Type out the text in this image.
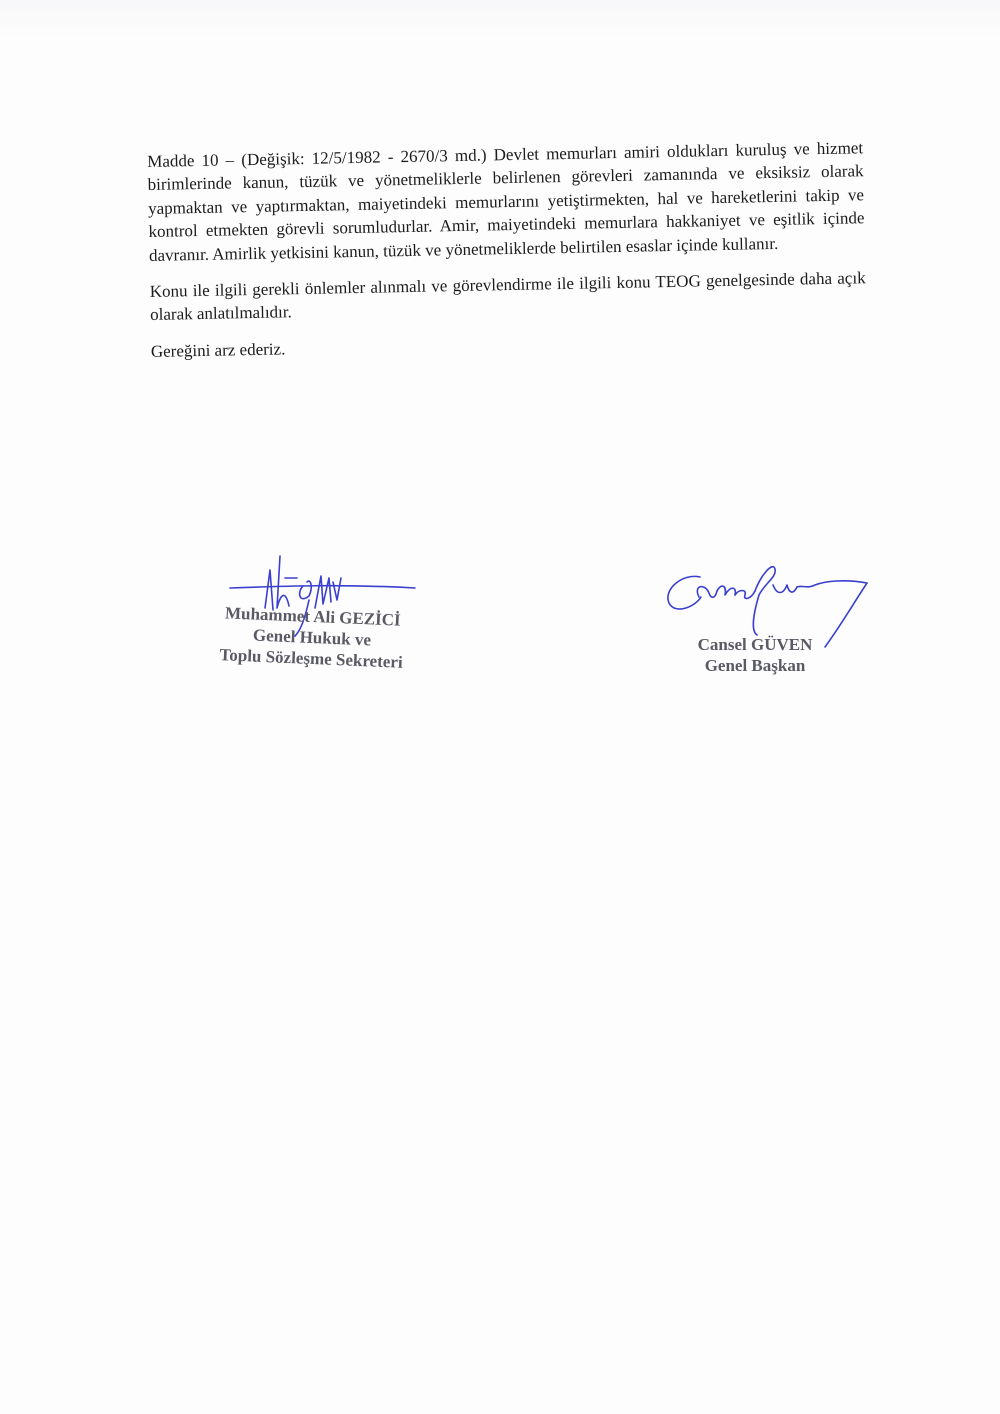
Madde 10 – (Değişik: 12/5/1982 - 2670/3 md.) Devlet memurları amiri oldukları kuruluş ve hizmet birimlerinde kanun, tüzük ve yönetmeliklerle belirlenen görevleri zamanında ve eksiksiz olarak yapmaktan ve yaptırmaktan, maiyetindeki memurlarını yetiştirmekten, hal ve hareketlerini takip ve kontrol etmekten görevli sorumludurlar. Amir, maiyetindeki memurlara hakkaniyet ve eşitlik içinde davranır. Amirlik yetkisini kanun, tüzük ve yönetmeliklerde belirtilen esaslar içinde kullanır.

Konu ile ilgili gerekli önlemler alınmalı ve görevlendirme ile ilgili konu TEOG genelgesinde daha açık olarak anlatılmalıdır.

Gereğini arz ederiz.

Muhammet Ali GEZİCİ
Genel Hukuk ve
Toplu Sözleşme Sekreteri
Cansel GÜVEN
Genel Başkan
